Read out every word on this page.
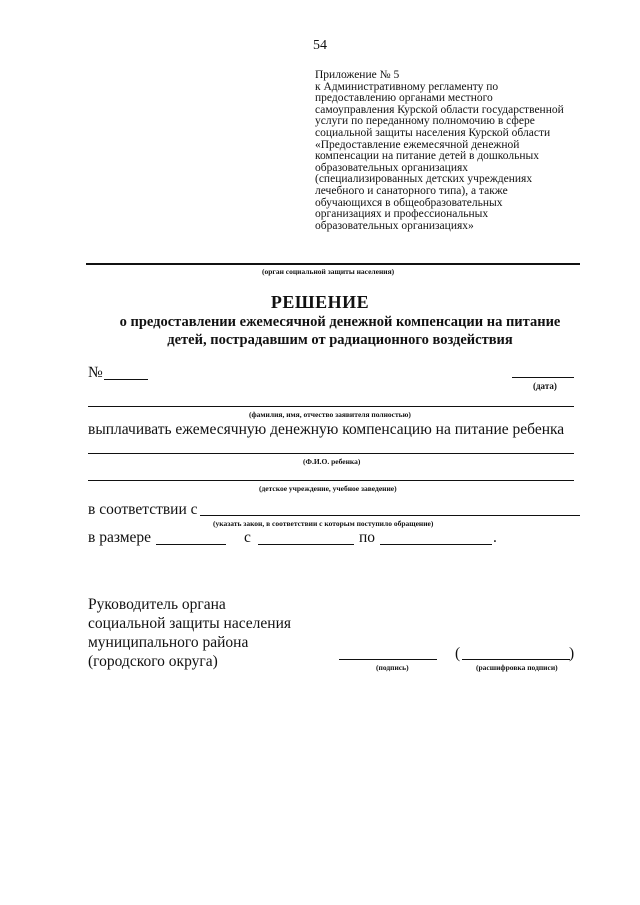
54
Приложение № 5
к Административному регламенту по
предоставлению органами местного
самоуправления Курской области государственной
услуги по переданному полномочию в сфере
социальной защиты населения Курской области
«Предоставление ежемесячной денежной
компенсации на питание детей в дошкольных
образовательных организациях
(специализированных детских учреждениях
лечебного и санаторного типа), а также
обучающихся в общеобразовательных
организациях и профессиональных
образовательных организациях»
(орган социальной защиты населения)
РЕШЕНИЕ
о предоставлении ежемесячной денежной компенсации на питание
детей, пострадавшим от радиационного воздействия
№
(дата)
(фамилия, имя, отчество заявителя полностью)
выплачивать ежемесячную денежную компенсацию на питание ребенка
(Ф.И.О. ребенка)
(детское учреждение, учебное заведение)
в соответствии с
(указать закон, в соответствии с которым поступило обращение)
в размере	с	по	.
Руководитель органа
социальной защиты населения
муниципального района
(городского округа)	(подпись)
(	)
(расшифровка подписи)
